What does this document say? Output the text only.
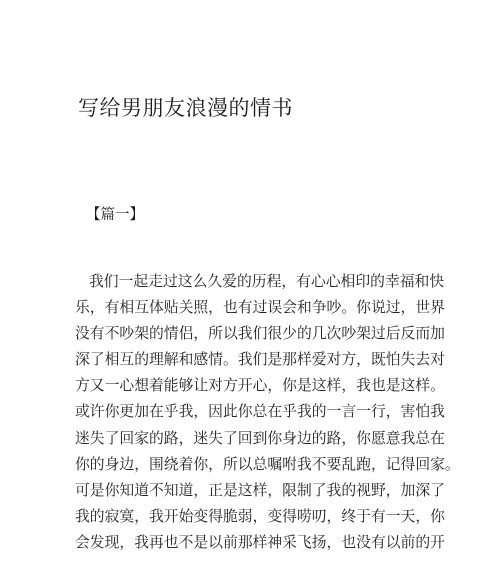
写给男朋友浪漫的情书
【篇一】
我们一起走过这么久爱的历程，有心心相印的幸福和快
乐，有相互体贴关照，也有过误会和争吵。你说过，世界
没有不吵架的情侣，所以我们很少的几次吵架过后反而加
深了相互的理解和感情。我们是那样爱对方，既怕失去对
方又一心想着能够让对方开心，你是这样，我也是这样。
或许你更加在乎我，因此你总在乎我的一言一行，害怕我
迷失了回家的路，迷失了回到你身边的路，你愿意我总在
你的身边，围绕着你，所以总嘱咐我不要乱跑，记得回家。
可是你知道不知道，正是这样，限制了我的视野，加深了
我的寂寞，我开始变得脆弱，变得唠叨，终于有一天，你
会发现，我再也不是以前那样神采飞扬，也没有以前的开
